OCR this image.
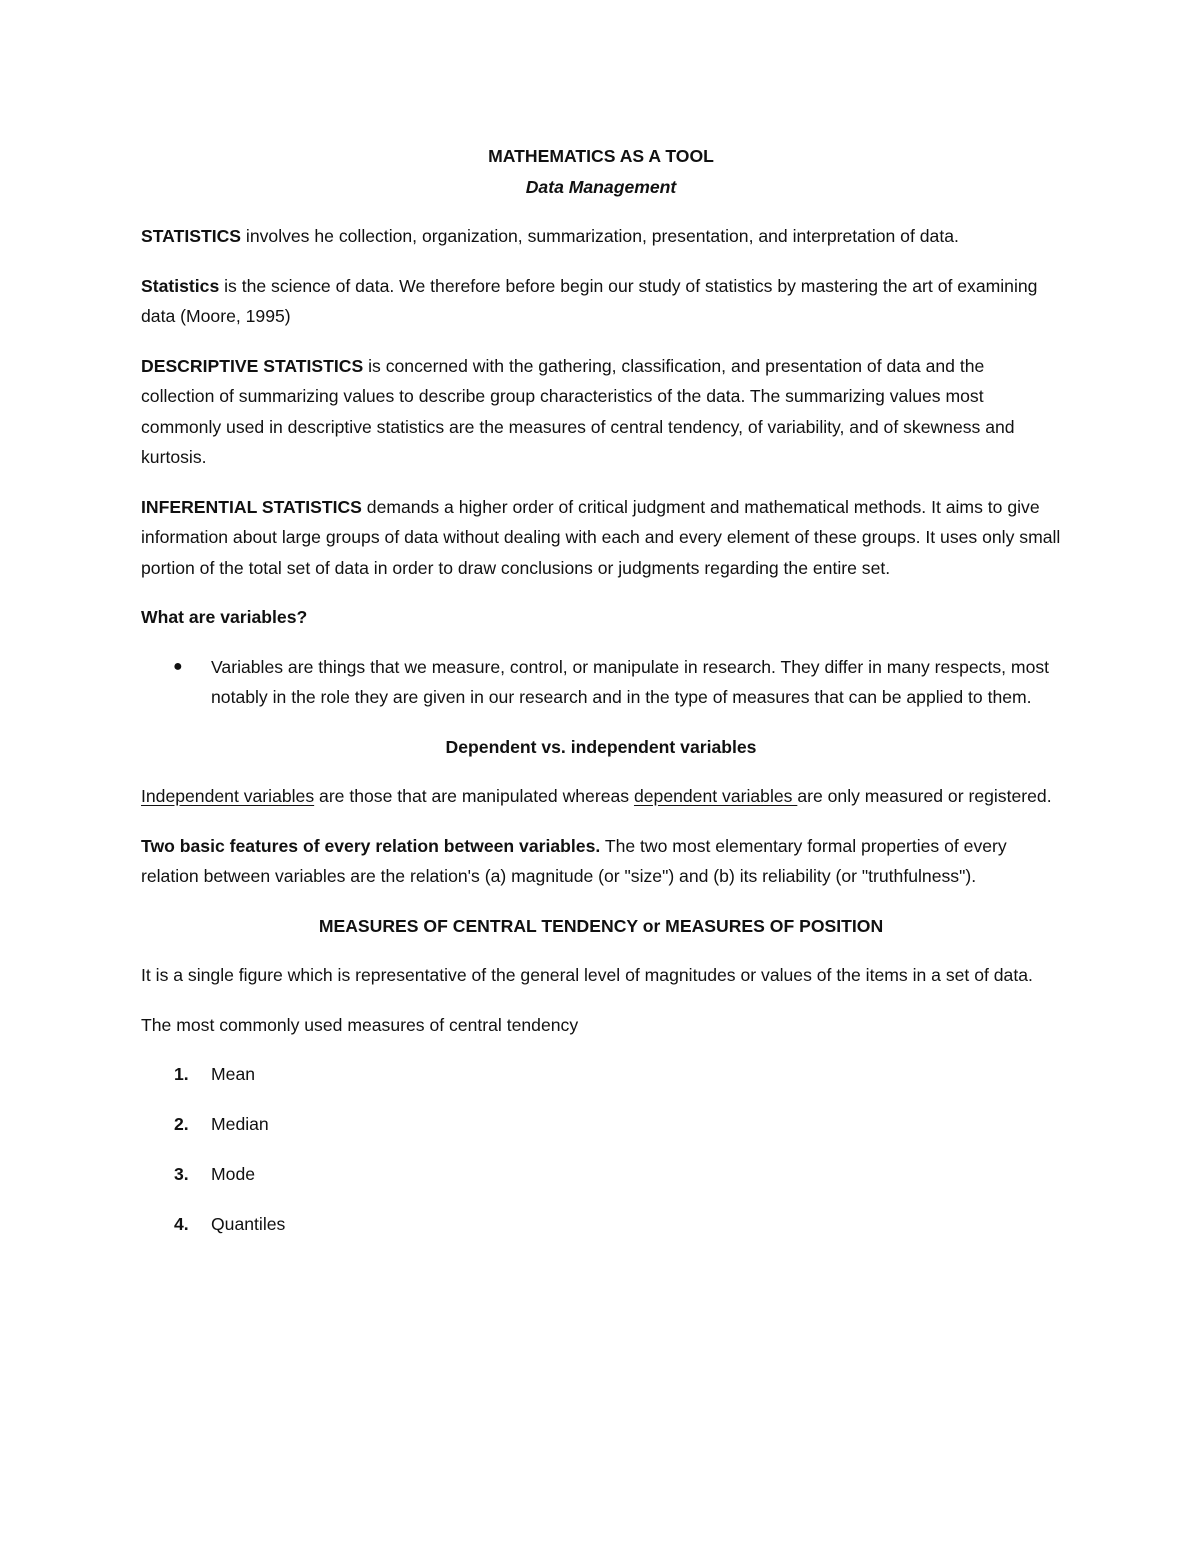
MATHEMATICS AS A TOOL

Data Management

STATISTICS involves he collection, organization, summarization, presentation, and interpretation of data.

Statistics is the science of data. We therefore before begin our study of statistics by mastering the art of examining data (Moore, 1995)

DESCRIPTIVE STATISTICS is concerned with the gathering, classification, and presentation of data and the collection of summarizing values to describe group characteristics of the data. The summarizing values most commonly used in descriptive statistics are the measures of central tendency, of variability, and of skewness and kurtosis.

INFERENTIAL STATISTICS demands a higher order of critical judgment and mathematical methods. It aims to give information about large groups of data without dealing with each and every element of these groups. It uses only small portion of the total set of data in order to draw conclusions or judgments regarding the entire set.

What are variables?

● Variables are things that we measure, control, or manipulate in research. They differ in many respects, most notably in the role they are given in our research and in the type of measures that can be applied to them.

Dependent vs. independent variables

Independent variables are those that are manipulated whereas dependent variables are only measured or registered.

Two basic features of every relation between variables. The two most elementary formal properties of every relation between variables are the relation's (a) magnitude (or "size") and (b) its reliability (or "truthfulness").

MEASURES OF CENTRAL TENDENCY or MEASURES OF POSITION

It is a single figure which is representative of the general level of magnitudes or values of the items in a set of data.

The most commonly used measures of central tendency

1. Mean
2. Median
3. Mode
4. Quantiles
